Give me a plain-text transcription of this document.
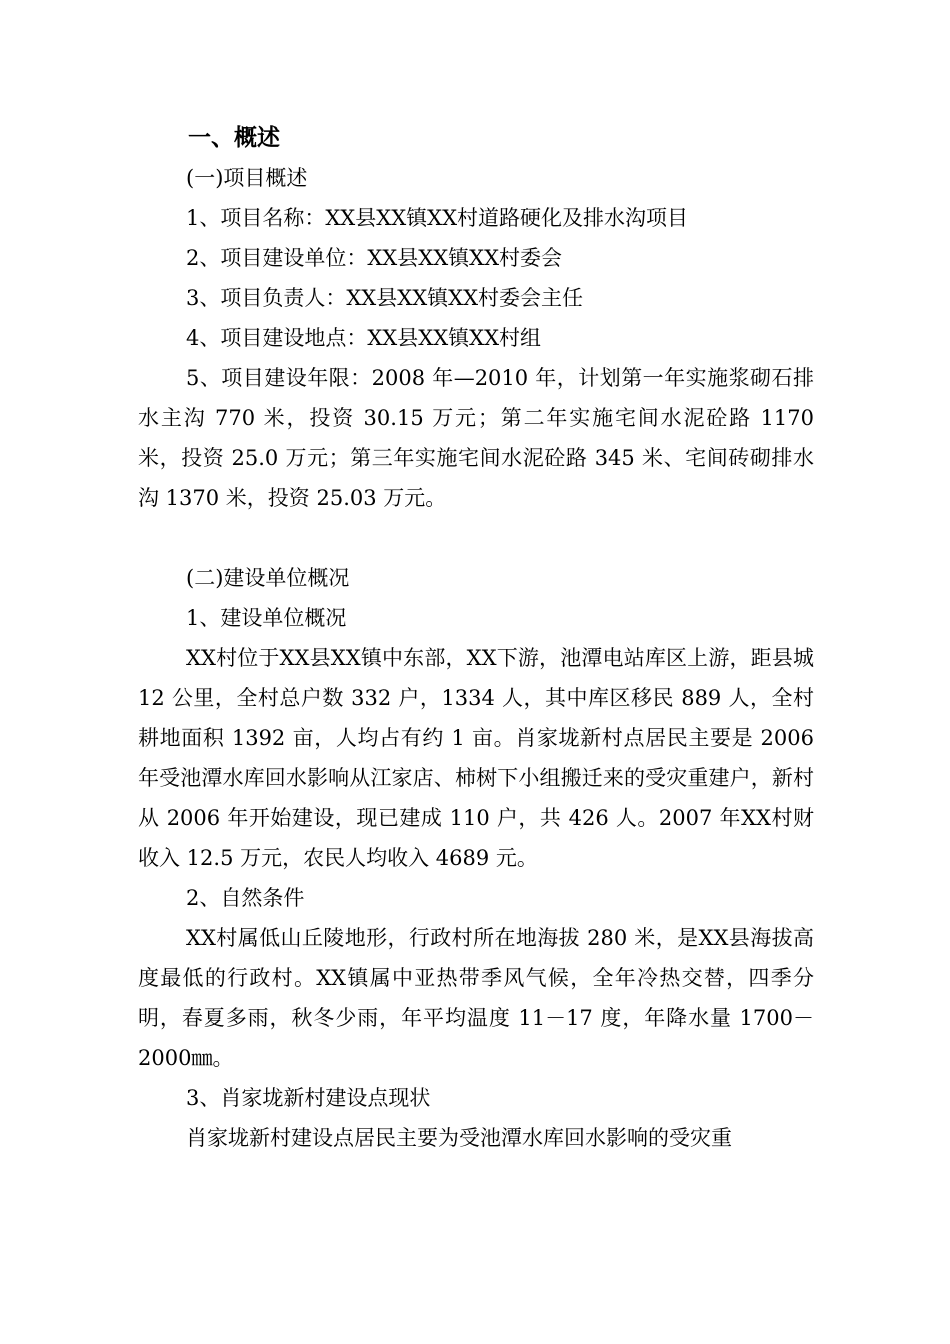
一、概述

(一)项目概述

1、项目名称：XX县XX镇XX村道路硬化及排水沟项目

2、项目建设单位：XX县XX镇XX村委会

3、项目负责人：XX县XX镇XX村委会主任

4、项目建设地点：XX县XX镇XX村组

5、项目建设年限：2008 年—2010 年，计划第一年实施浆砌石排水主沟 770 米，投资 30.15 万元；第二年实施宅间水泥砼路 1170 米，投资 25.0 万元；第三年实施宅间水泥砼路 345 米、宅间砖砌排水沟 1370 米，投资 25.03 万元。

(二)建设单位概况

1、建设单位概况

XX村位于XX县XX镇中东部，XX下游，池潭电站库区上游，距县城 12 公里，全村总户数 332 户，1334 人，其中库区移民 889 人，全村耕地面积 1392 亩，人均占有约 1 亩。肖家垅新村点居民主要是 2006 年受池潭水库回水影响从江家店、柿树下小组搬迁来的受灾重建户，新村从 2006 年开始建设，现已建成 110 户，共 426 人。2007 年XX村财收入 12.5 万元，农民人均收入 4689 元。

2、自然条件

XX村属低山丘陵地形，行政村所在地海拔 280 米，是XX县海拔高度最低的行政村。XX镇属中亚热带季风气候，全年冷热交替，四季分明，春夏多雨，秋冬少雨，年平均温度 11－17 度，年降水量 1700－2000㎜。

3、肖家垅新村建设点现状

肖家垅新村建设点居民主要为受池潭水库回水影响的受灾重
